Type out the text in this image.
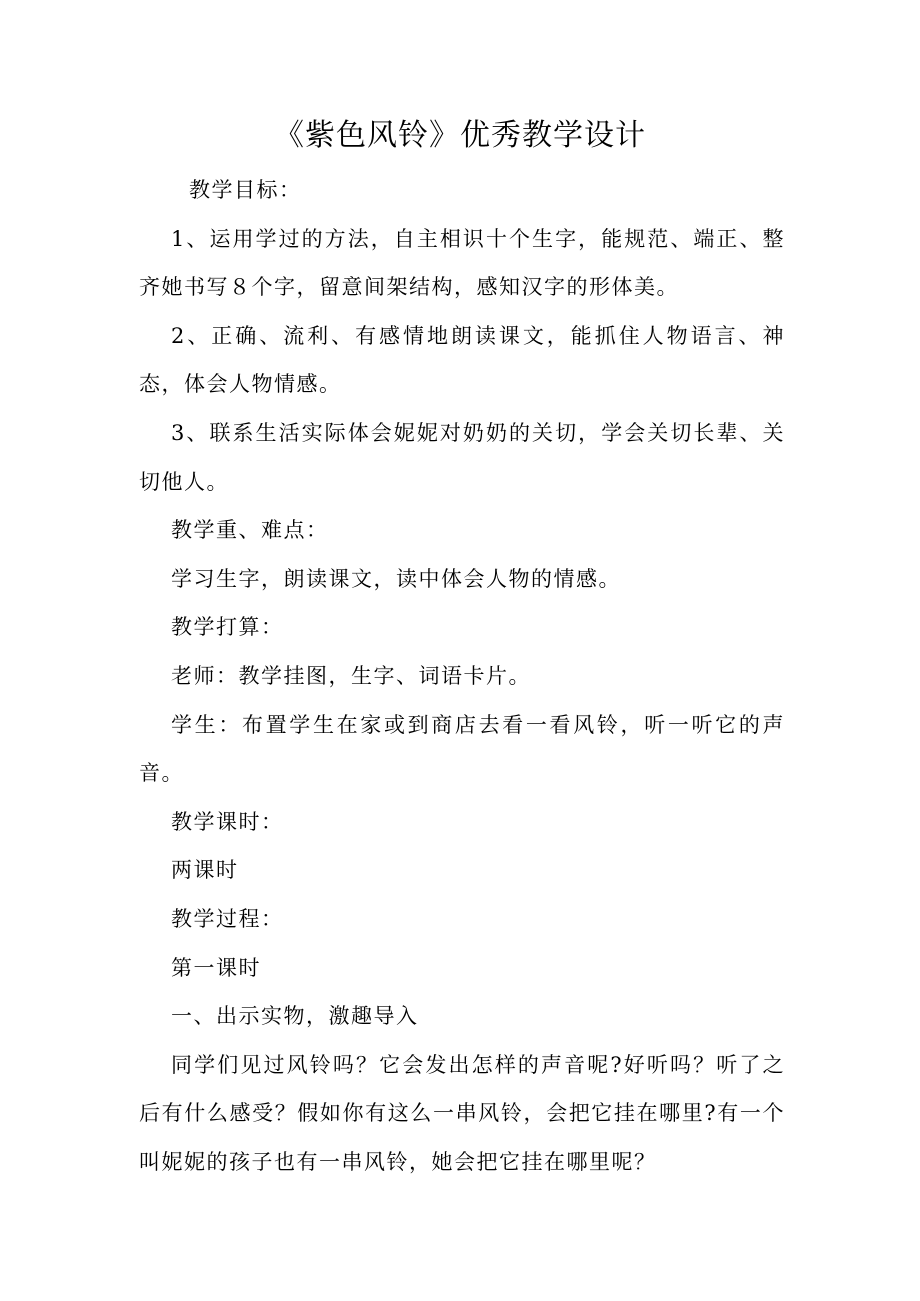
《紫色风铃》优秀教学设计

教学目标：

1、运用学过的方法，自主相识十个生字，能规范、端正、整齐她书写８个字，留意间架结构，感知汉字的形体美。

2、正确、流利、有感情地朗读课文，能抓住人物语言、神态，体会人物情感。

3、联系生活实际体会妮妮对奶奶的关切，学会关切长辈、关切他人。

教学重、难点：

学习生字，朗读课文，读中体会人物的情感。

教学打算：

老师：教学挂图，生字、词语卡片。

学生：布置学生在家或到商店去看一看风铃，听一听它的声音。

教学课时：

两课时

教学过程：

第一课时

一、出示实物，激趣导入

同学们见过风铃吗？它会发出怎样的声音呢?好听吗？听了之后有什么感受？假如你有这么一串风铃，会把它挂在哪里?有一个叫妮妮的孩子也有一串风铃，她会把它挂在哪里呢？
